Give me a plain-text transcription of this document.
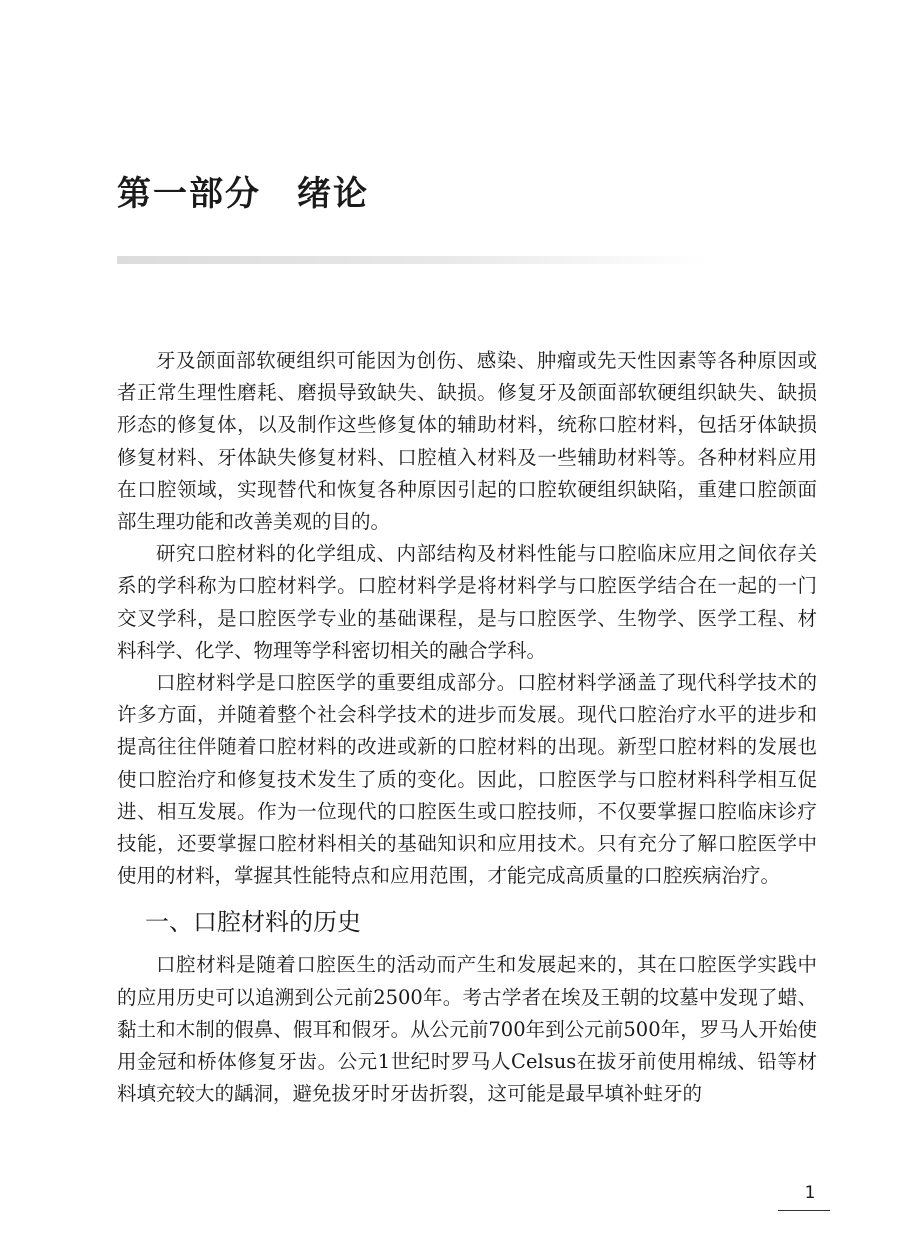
第一部分　绪论

牙及颌面部软硬组织可能因为创伤、感染、肿瘤或先天性因素等各种原因或者正常生理性磨耗、磨损导致缺失、缺损。修复牙及颌面部软硬组织缺失、缺损形态的修复体，以及制作这些修复体的辅助材料，统称口腔材料，包括牙体缺损修复材料、牙体缺失修复材料、口腔植入材料及一些辅助材料等。各种材料应用在口腔领域，实现替代和恢复各种原因引起的口腔软硬组织缺陷，重建口腔颌面部生理功能和改善美观的目的。

研究口腔材料的化学组成、内部结构及材料性能与口腔临床应用之间依存关系的学科称为口腔材料学。口腔材料学是将材料学与口腔医学结合在一起的一门交叉学科，是口腔医学专业的基础课程，是与口腔医学、生物学、医学工程、材料科学、化学、物理等学科密切相关的融合学科。

口腔材料学是口腔医学的重要组成部分。口腔材料学涵盖了现代科学技术的许多方面，并随着整个社会科学技术的进步而发展。现代口腔治疗水平的进步和提高往往伴随着口腔材料的改进或新的口腔材料的出现。新型口腔材料的发展也使口腔治疗和修复技术发生了质的变化。因此，口腔医学与口腔材料科学相互促进、相互发展。作为一位现代的口腔医生或口腔技师，不仅要掌握口腔临床诊疗技能，还要掌握口腔材料相关的基础知识和应用技术。只有充分了解口腔医学中使用的材料，掌握其性能特点和应用范围，才能完成高质量的口腔疾病治疗。

一、口腔材料的历史

口腔材料是随着口腔医生的活动而产生和发展起来的，其在口腔医学实践中的应用历史可以追溯到公元前2500年。考古学者在埃及王朝的坟墓中发现了蜡、黏土和木制的假鼻、假耳和假牙。从公元前700年到公元前500年，罗马人开始使用金冠和桥体修复牙齿。公元1世纪时罗马人Celsus在拔牙前使用棉绒、铅等材料填充较大的龋洞，避免拔牙时牙齿折裂，这可能是最早填补蛀牙的

1
